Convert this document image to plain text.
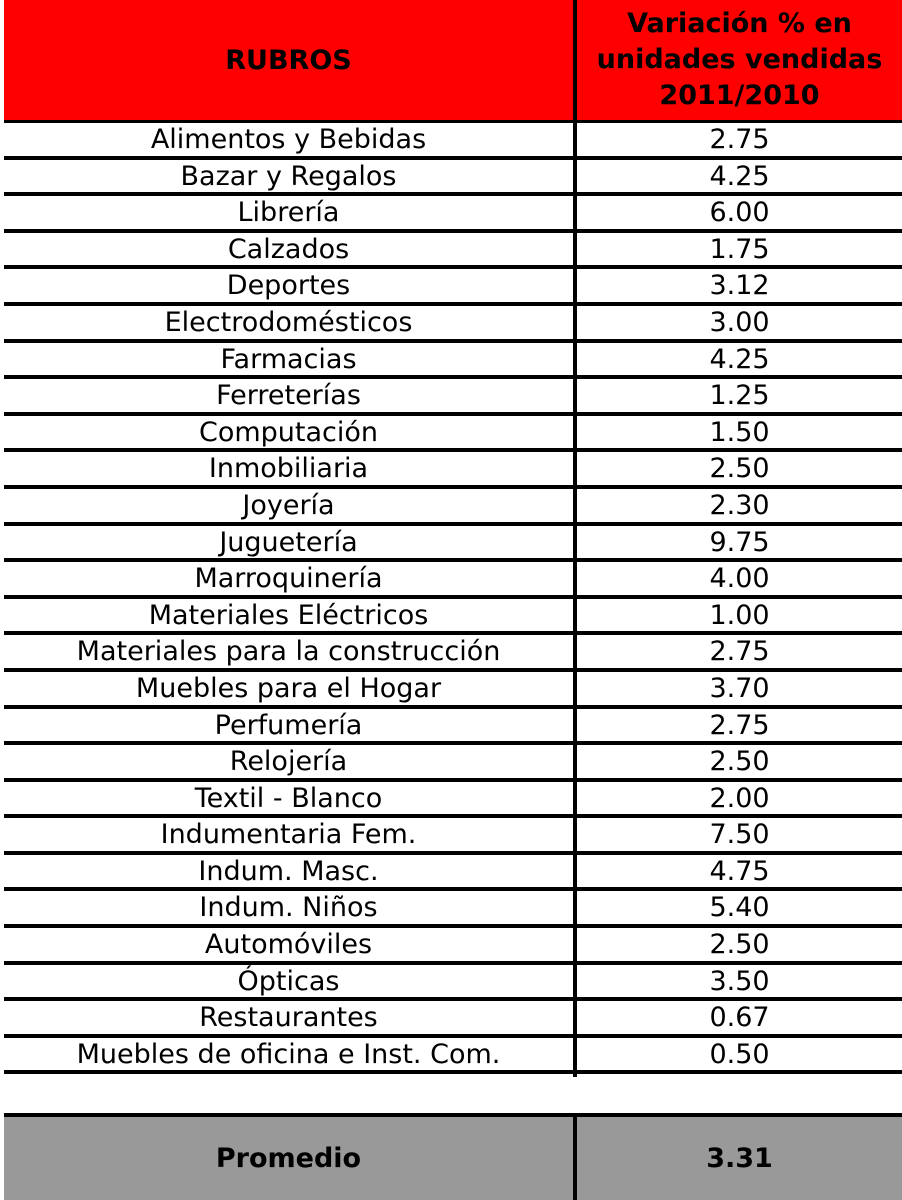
RUBROS
Variación % en
unidades vendidas
2011/2010
Alimentos y Bebidas	2.75
Bazar y Regalos	4.25
Librería	6.00
Calzados	1.75
Deportes	3.12
Electrodomésticos	3.00
Farmacias	4.25
Ferreterías	1.25
Computación	1.50
Inmobiliaria	2.50
Joyería	2.30
Juguetería	9.75
Marroquinería	4.00
Materiales Eléctricos	1.00
Materiales para la construcción	2.75
Muebles para el Hogar	3.70
Perfumería	2.75
Relojería	2.50
Textil - Blanco	2.00
Indumentaria Fem.	7.50
Indum. Masc.	4.75
Indum. Niños	5.40
Automóviles	2.50
Ópticas	3.50
Restaurantes	0.67
Muebles de oficina e Inst. Com.	0.50
Promedio	3.31
